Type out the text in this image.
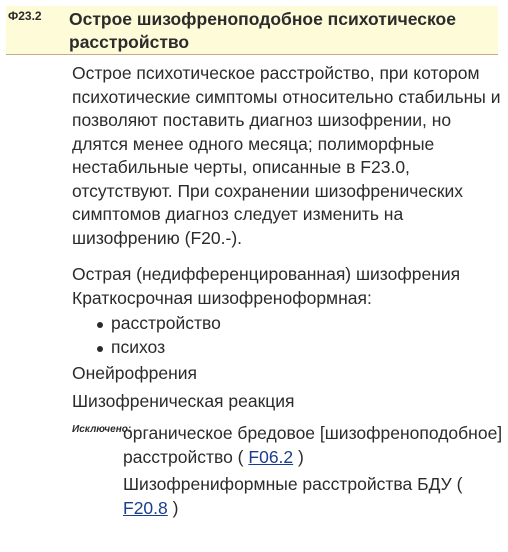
Ф23.2 Острое шизофреноподобное психотическое расстройство

Острое психотическое расстройство, при котором психотические симптомы относительно стабильны и позволяют поставить диагноз шизофрении, но длятся менее одного месяца; полиморфные нестабильные черты, описанные в F23.0, отсутствуют. При сохранении шизофренических симптомов диагноз следует изменить на шизофрению (F20.-).

Острая (недифференцированная) шизофрения

Краткосрочная шизофреноформная:

расстройство
психоз

Онейрофрения

Шизофреническая реакция

Исключено:

органическое бредовое [шизофреноподобное] расстройство ( F06.2 )

Шизофрениформные расстройства БДУ ( F20.8 )
